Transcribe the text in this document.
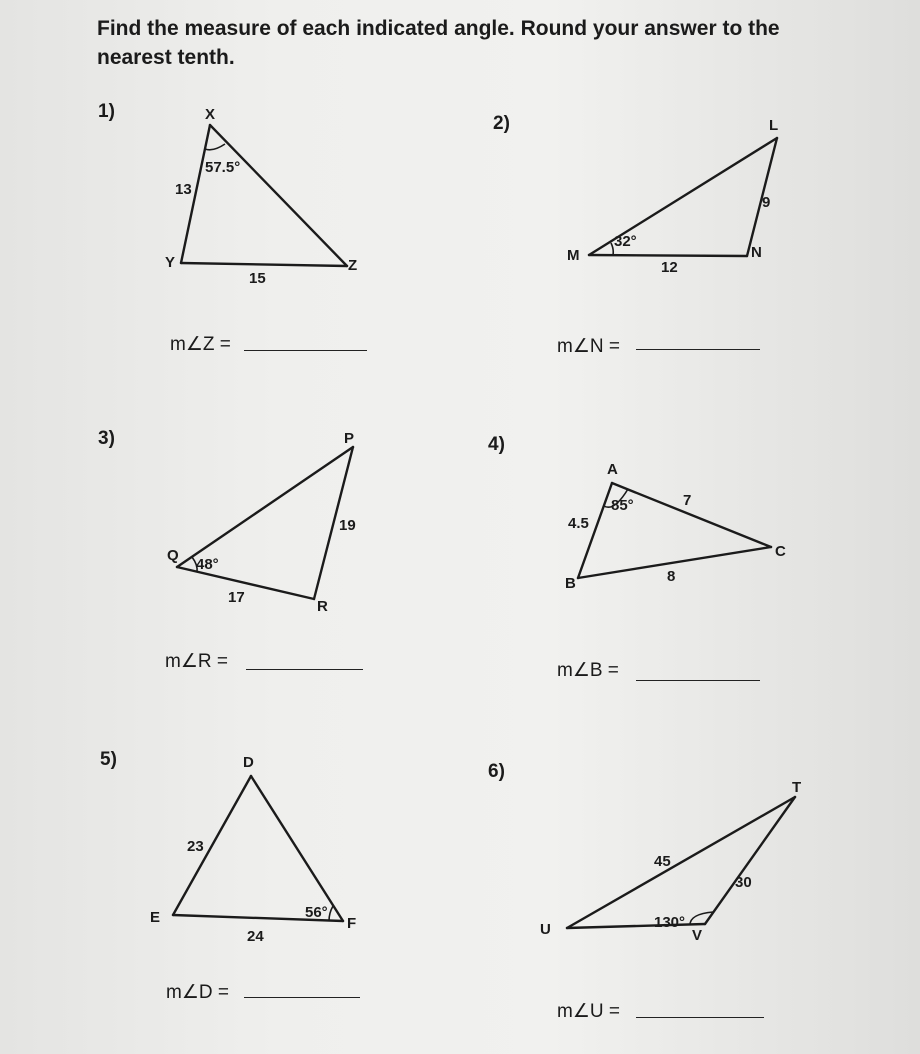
Find the measure of each indicated angle. Round your answer to the nearest tenth.

1)
2)
3)	4)
5)
6)
m∠Z =	m∠N =
m∠R =	m∠B =
m∠D =
m∠U =
X
Y	Z
13
15
57.5°
L
M	N
9
12
32°
P
Q
R
19
17
48°
A
B
C
4.5
7
8
85°
D
E	F
23
24
56°
T
U	V
45
30
130°
